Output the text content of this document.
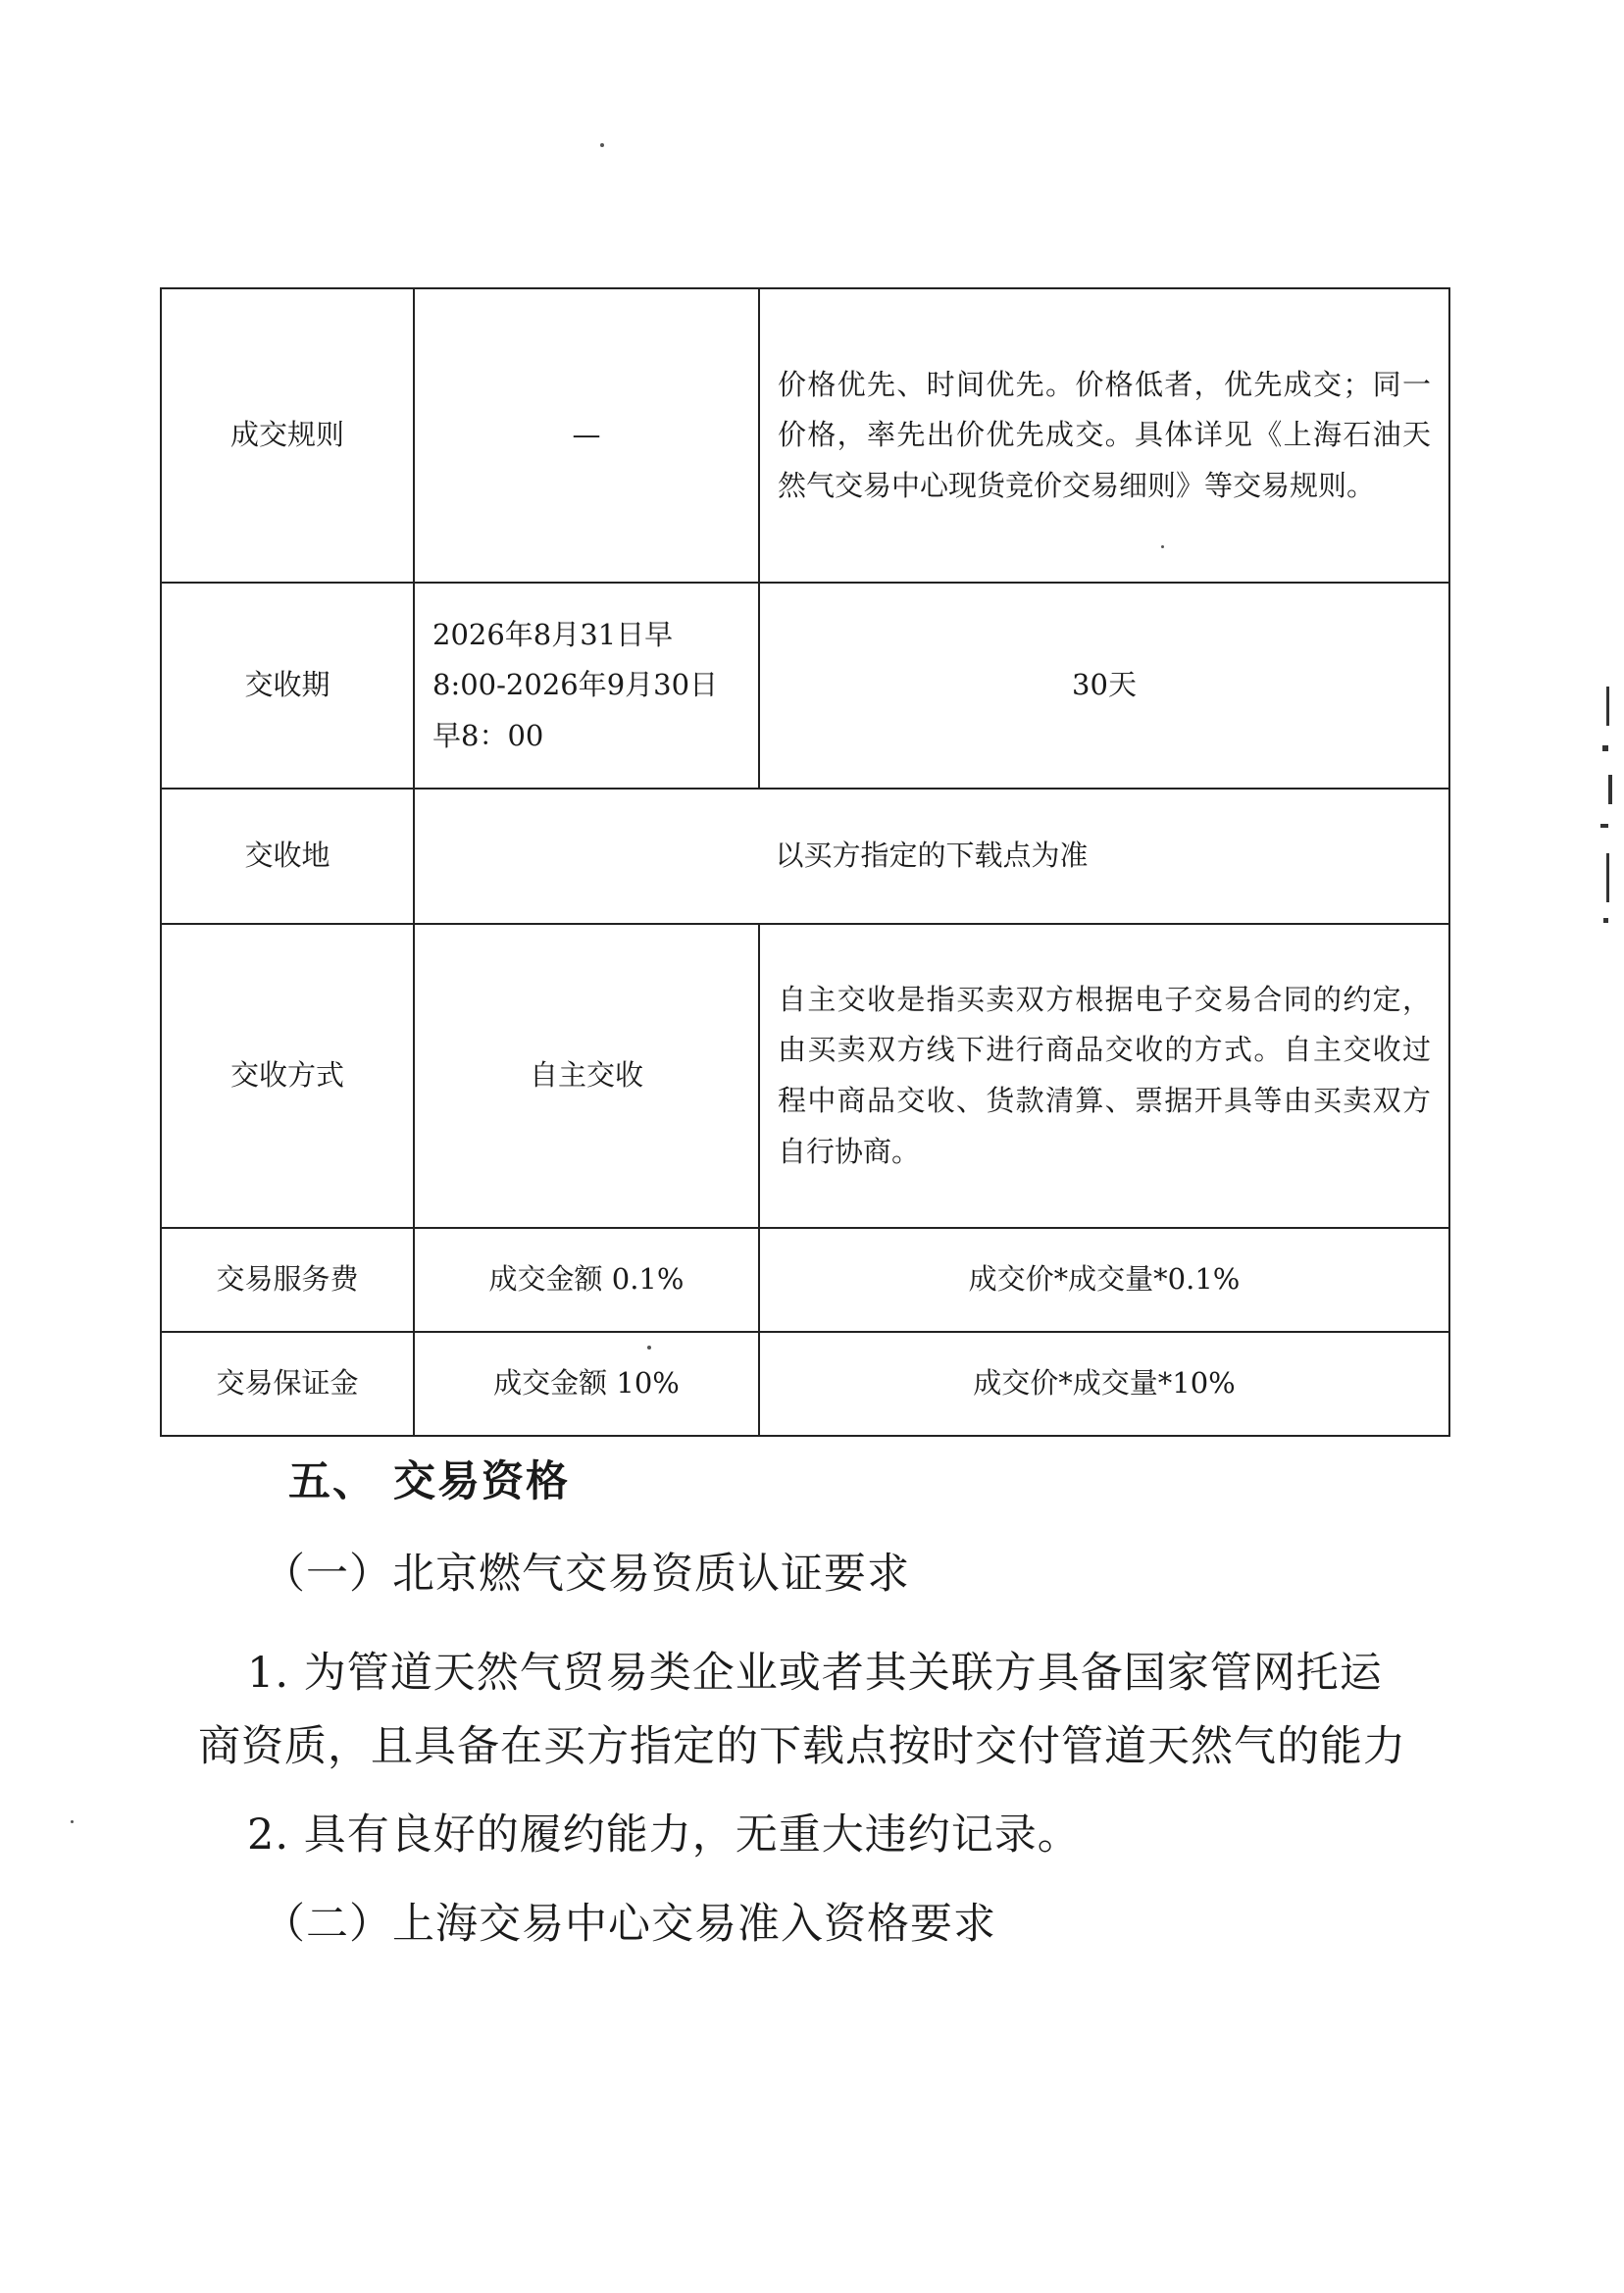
成交规则	—	价格优先、时间优先。价格低者，优先成交；同一价格，率先出价优先成交。具体详见《上海石油天然气交易中心现货竞价交易细则》等交易规则。
交收期	2026年8月31日早8:00-2026年9月30日早8：00	30天
交收地	以买方指定的下载点为准	
交收方式	自主交收	自主交收是指买卖双方根据电子交易合同的约定，由买卖双方线下进行商品交收的方式。自主交收过程中商品交收、货款清算、票据开具等由买卖双方自行协商。
交易服务费	成交金额 0.1%	成交价*成交量*0.1%
交易保证金	成交金额 10%	成交价*成交量*10%
五、 交易资格
（一）北京燃气交易资质认证要求
1. 为管道天然气贸易类企业或者其关联方具备国家管网托运商资质，且具备在买方指定的下载点按时交付管道天然气的能力
2. 具有良好的履约能力，无重大违约记录。
（二）上海交易中心交易准入资格要求
